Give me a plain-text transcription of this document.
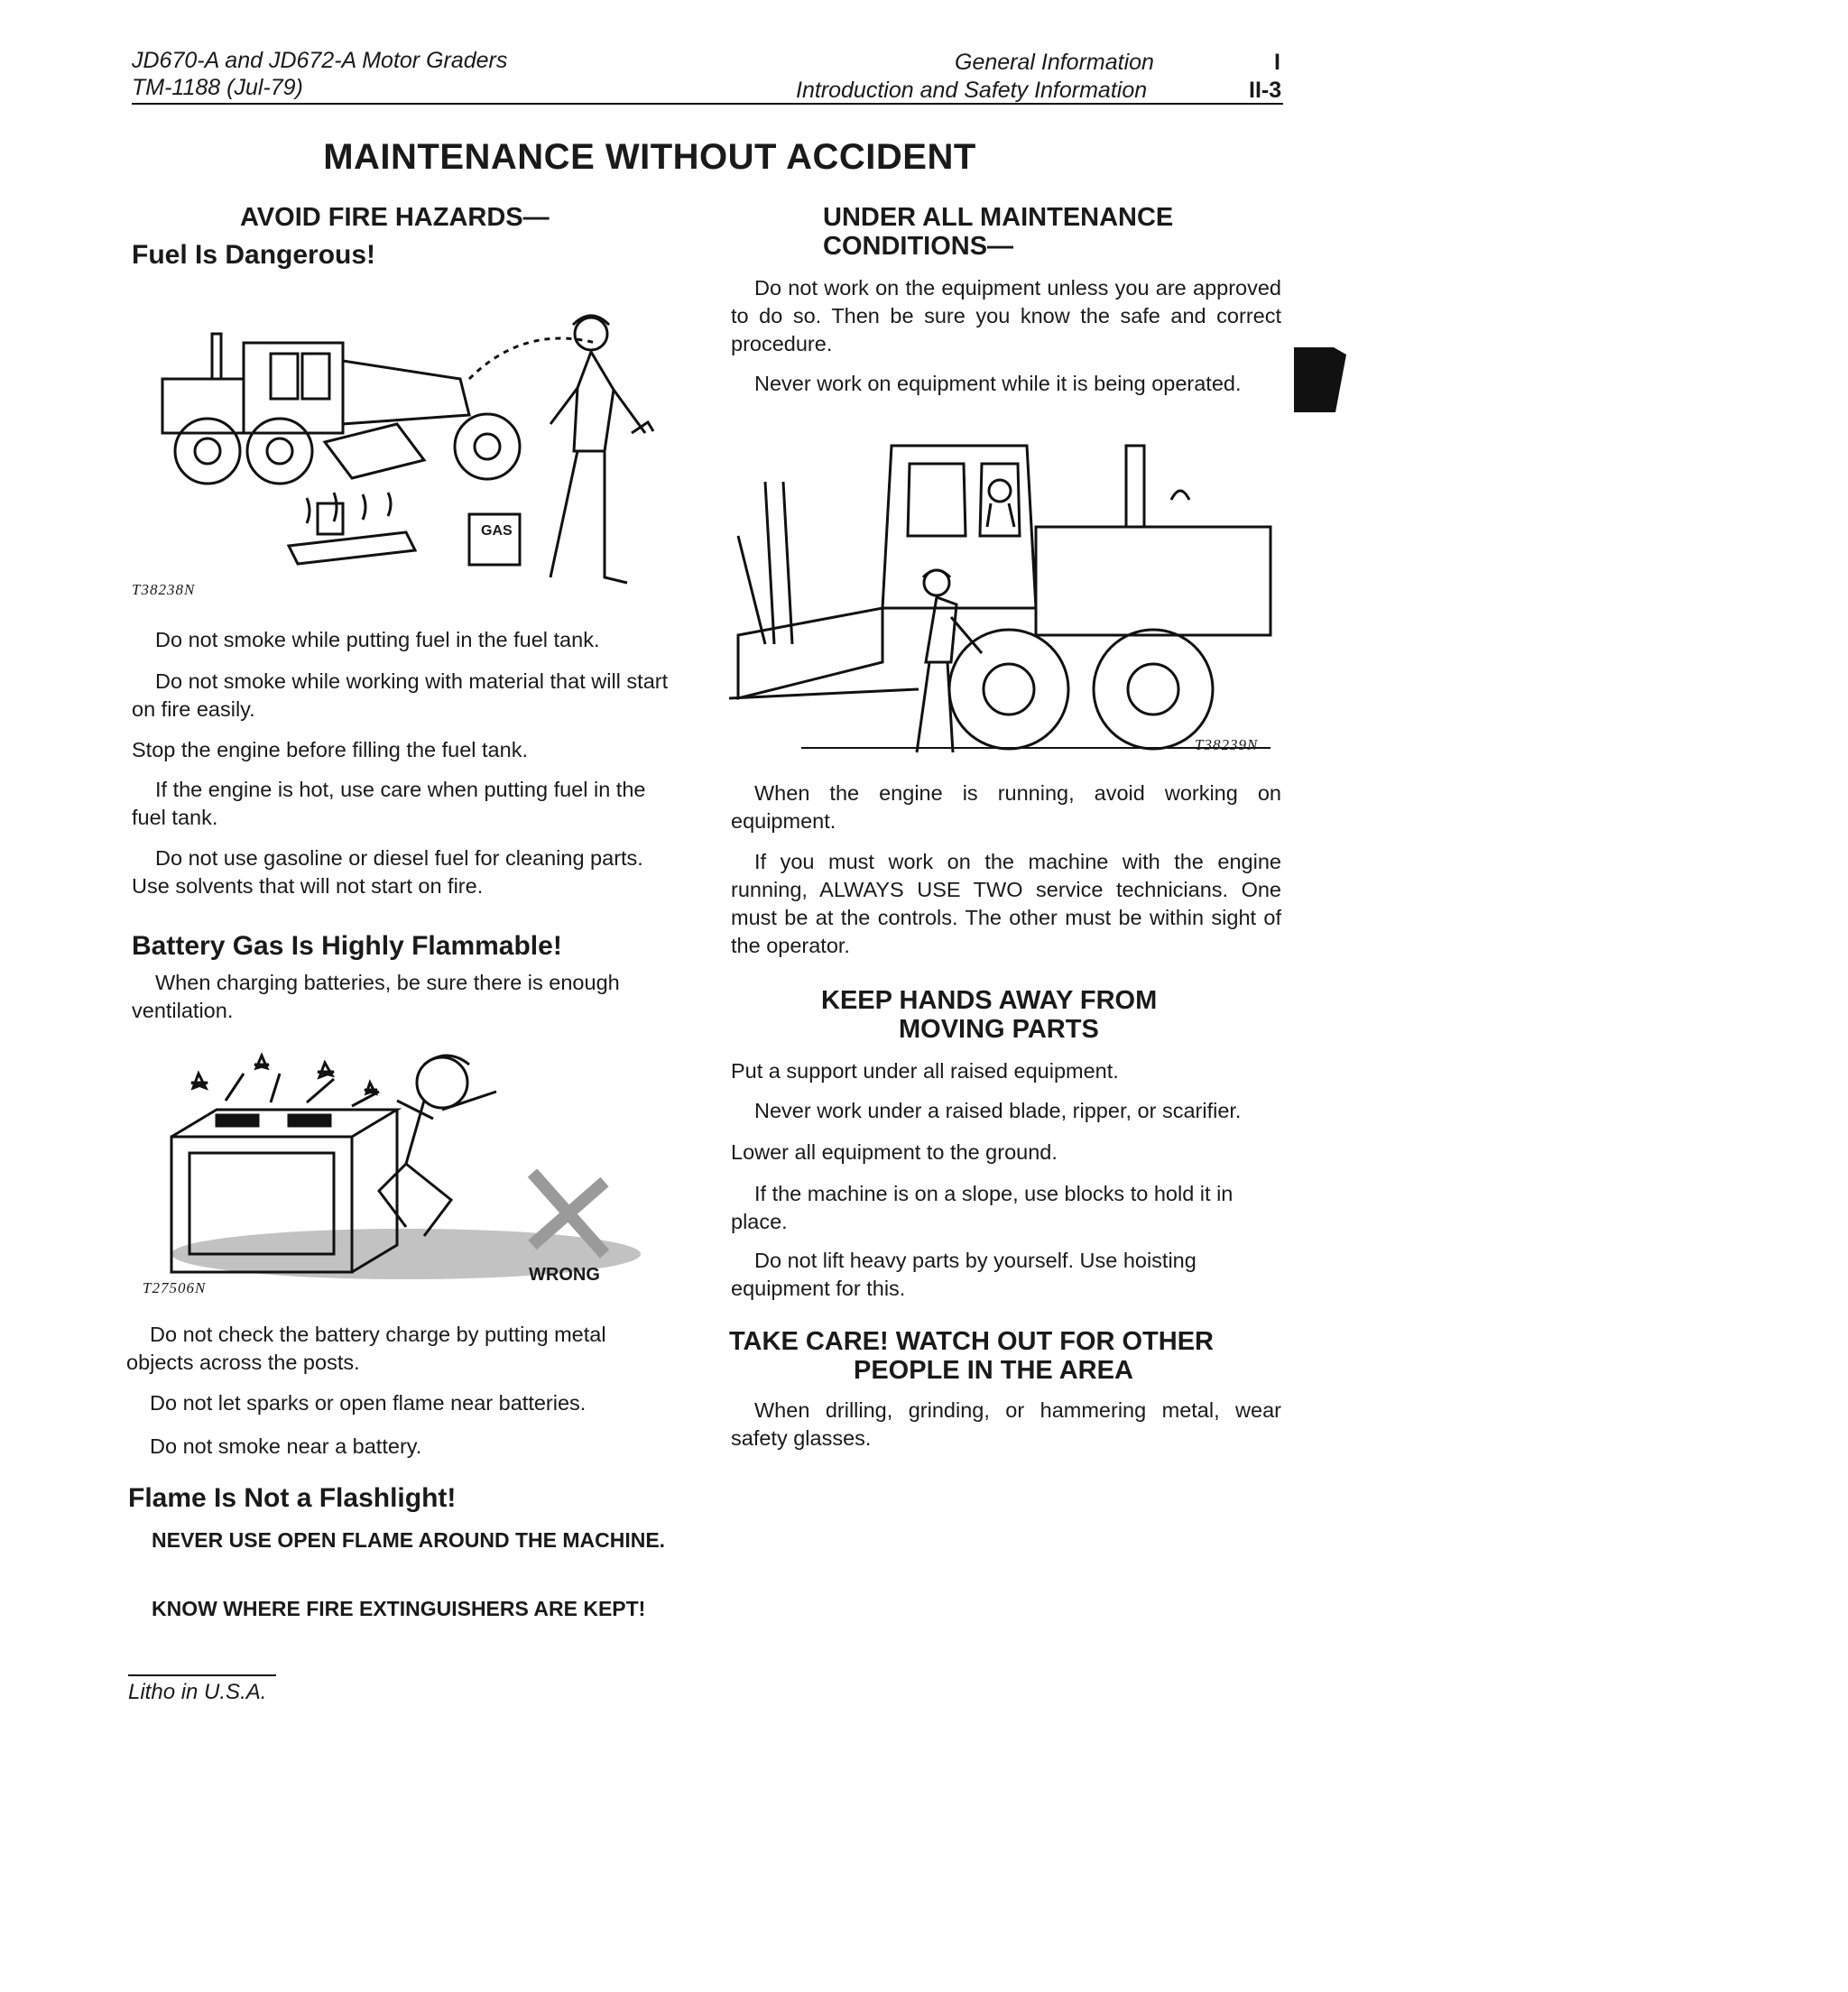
JD670-A and JD672-A Motor Graders
TM-1188 (Jul-79)
General Information
Introduction and Safety Information	II-3
I
MAINTENANCE WITHOUT ACCIDENT
AVOID FIRE HAZARDS—
Fuel Is Dangerous!
GAS
T38238N
Do not smoke while putting fuel in the fuel tank.
Do not smoke while working with material that will start on fire easily.
Stop the engine before filling the fuel tank.
If the engine is hot, use care when putting fuel in the fuel tank.
Do not use gasoline or diesel fuel for cleaning parts. Use solvents that will not start on fire.
Battery Gas Is Highly Flammable!
When charging batteries, be sure there is enough ventilation.
WRONG
T27506N
Do not check the battery charge by putting metal objects across the posts.
Do not let sparks or open flame near batteries.
Do not smoke near a battery.
Flame Is Not a Flashlight!
NEVER USE OPEN FLAME AROUND THE MACHINE.
KNOW WHERE FIRE EXTINGUISHERS ARE KEPT!
Litho in U.S.A.
UNDER ALL MAINTENANCE
CONDITIONS—
Do not work on the equipment unless you are approved to do so. Then be sure you know the safe and correct procedure.
Never work on equipment while it is being operated.
T38239N
When the engine is running, avoid working on equipment.
If you must work on the machine with the engine running, ALWAYS USE TWO service technicians. One must be at the controls. The other must be within sight of the operator.
KEEP HANDS AWAY FROM
MOVING PARTS
Put a support under all raised equipment.
Never work under a raised blade, ripper, or scarifier.
Lower all equipment to the ground.
If the machine is on a slope, use blocks to hold it in place.
Do not lift heavy parts by yourself. Use hoisting equipment for this.
TAKE CARE! WATCH OUT FOR OTHER
PEOPLE IN THE AREA
When drilling, grinding, or hammering metal, wear safety glasses.
